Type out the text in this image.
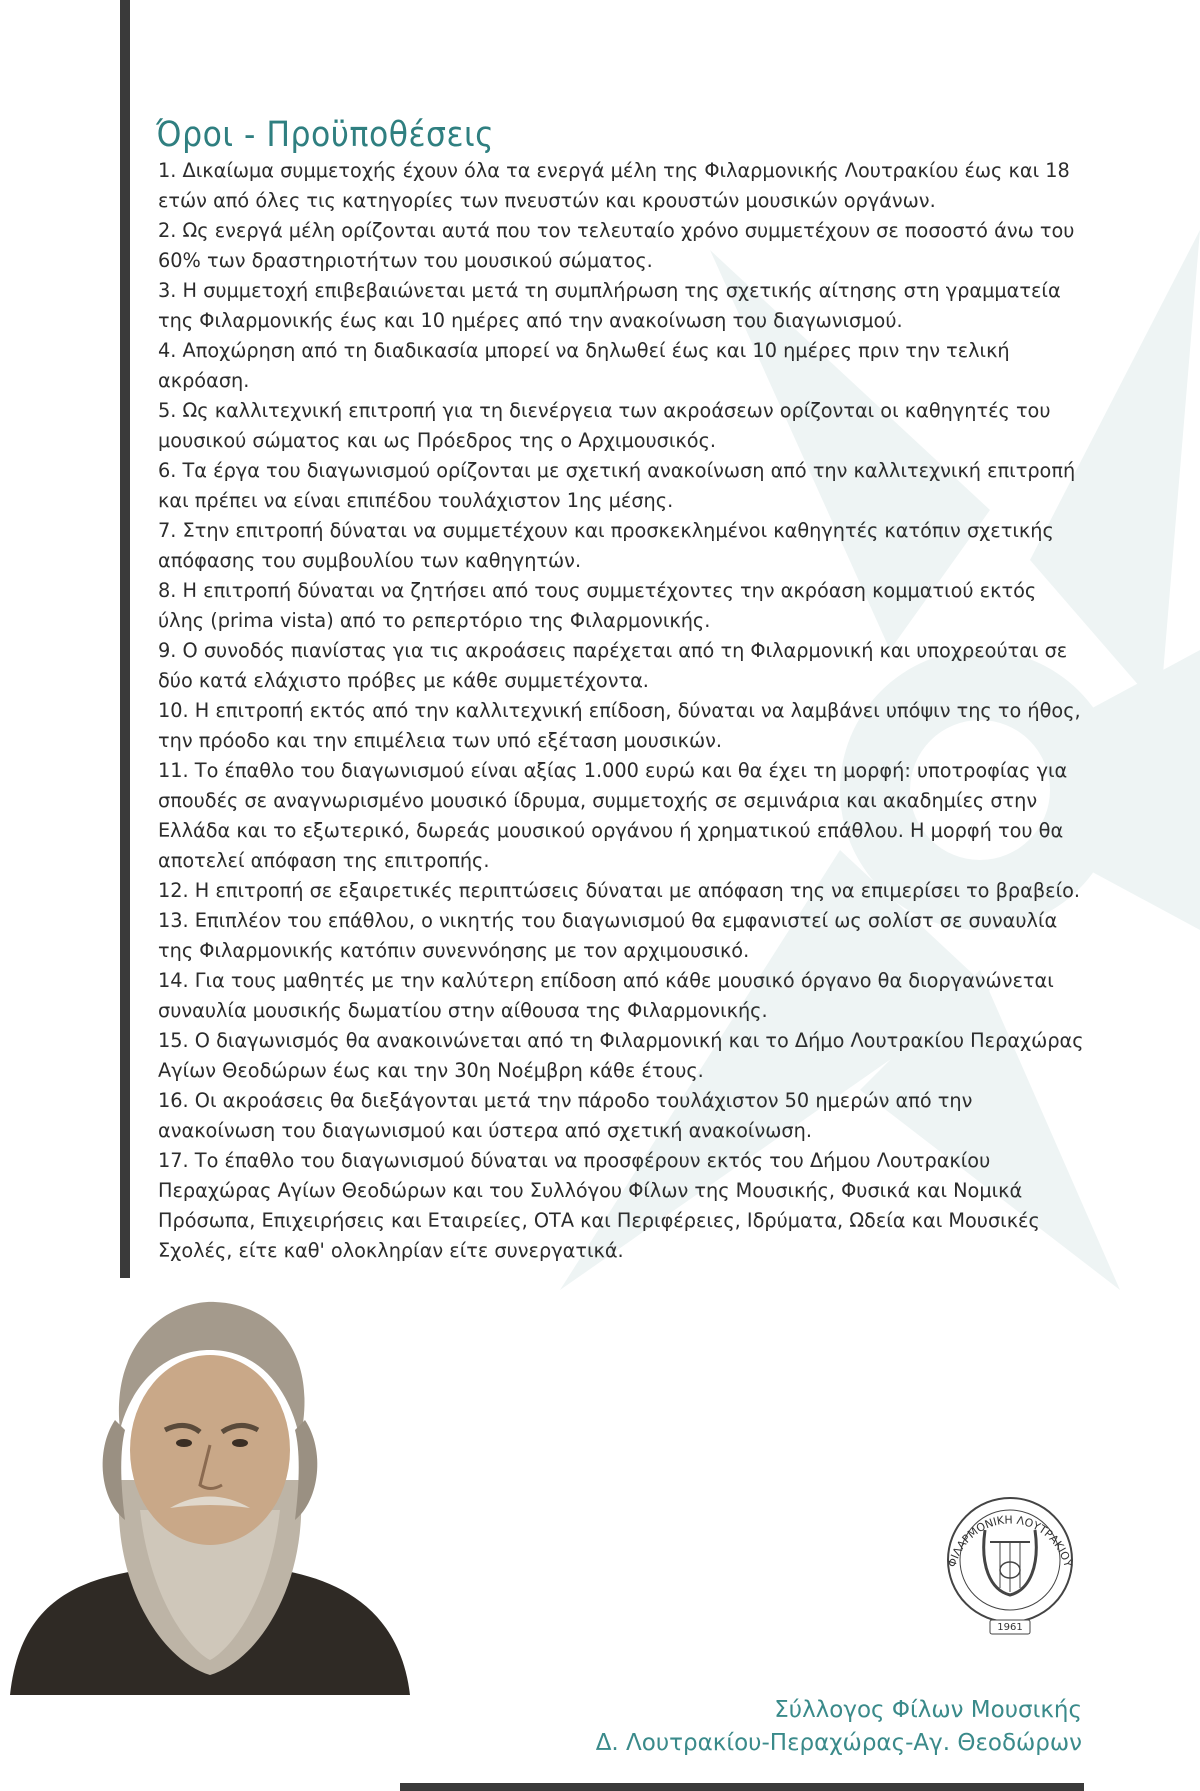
Όροι - Προϋποθέσεις

1. Δικαίωμα συμμετοχής έχουν όλα τα ενεργά μέλη της Φιλαρμονικής Λουτρακίου έως και 18 ετών από όλες τις κατηγορίες των πνευστών και κρουστών μουσικών οργάνων.

2. Ως ενεργά μέλη ορίζονται αυτά που τον τελευταίο χρόνο συμμετέχουν σε ποσοστό άνω του 60% των δραστηριοτήτων του μουσικού σώματος.

3. Η συμμετοχή επιβεβαιώνεται μετά τη συμπλήρωση της σχετικής αίτησης στη γραμματεία της Φιλαρμονικής έως και 10 ημέρες από την ανακοίνωση του διαγωνισμού.

4. Αποχώρηση από τη διαδικασία μπορεί να δηλωθεί έως και 10 ημέρες πριν την τελική ακρόαση.

5. Ως καλλιτεχνική επιτροπή για τη διενέργεια των ακροάσεων ορίζονται οι καθηγητές του μουσικού σώματος και ως Πρόεδρος της ο Αρχιμουσικός.

6. Τα έργα του διαγωνισμού ορίζονται με σχετική ανακοίνωση από την καλλιτεχνική επιτροπή και πρέπει να είναι επιπέδου τουλάχιστον 1ης μέσης.

7. Στην επιτροπή δύναται να συμμετέχουν και προσκεκλημένοι καθηγητές κατόπιν σχετικής απόφασης του συμβουλίου των καθηγητών.

8. Η επιτροπή δύναται να ζητήσει από τους συμμετέχοντες την ακρόαση κομματιού εκτός ύλης (prima vista) από το ρεπερτόριο της Φιλαρμονικής.

9. Ο συνοδός πιανίστας για τις ακροάσεις παρέχεται από τη Φιλαρμονική και υποχρεούται σε δύο κατά ελάχιστο πρόβες με κάθε συμμετέχοντα.

10. Η επιτροπή εκτός από την καλλιτεχνική επίδοση, δύναται να λαμβάνει υπόψιν της το ήθος, την πρόοδο και την επιμέλεια των υπό εξέταση μουσικών.

11. Το έπαθλο του διαγωνισμού είναι αξίας 1.000 ευρώ και θα έχει τη μορφή: υποτροφίας για σπουδές σε αναγνωρισμένο μουσικό ίδρυμα, συμμετοχής σε σεμινάρια και ακαδημίες στην Ελλάδα και το εξωτερικό, δωρεάς μουσικού οργάνου ή χρηματικού επάθλου. Η μορφή του θα αποτελεί απόφαση της επιτροπής.

12. Η επιτροπή σε εξαιρετικές περιπτώσεις δύναται με απόφαση της να επιμερίσει το βραβείο.

13. Επιπλέον του επάθλου, ο νικητής του διαγωνισμού θα εμφανιστεί ως σολίστ σε συναυλία της Φιλαρμονικής κατόπιν συνεννόησης με τον αρχιμουσικό.

14. Για τους μαθητές με την καλύτερη επίδοση από κάθε μουσικό όργανο θα διοργανώνεται συναυλία μουσικής δωματίου στην αίθουσα της Φιλαρμονικής.

15. Ο διαγωνισμός θα ανακοινώνεται από τη Φιλαρμονική και το Δήμο Λουτρακίου Περαχώρας Αγίων Θεοδώρων έως και την 30η Νοέμβρη κάθε έτους.

16. Οι ακροάσεις θα διεξάγονται μετά την πάροδο τουλάχιστον 50 ημερών από την ανακοίνωση του διαγωνισμού και ύστερα από σχετική ανακοίνωση.

17. Το έπαθλο του διαγωνισμού δύναται να προσφέρουν εκτός του Δήμου Λουτρακίου Περαχώρας Αγίων Θεοδώρων και του Συλλόγου Φίλων της Μουσικής, Φυσικά και Νομικά Πρόσωπα, Επιχειρήσεις και Εταιρείες, ΟΤΑ και Περιφέρειες, Ιδρύματα, Ωδεία και Μουσικές Σχολές, είτε καθ' ολοκληρίαν είτε συνεργατικά.

Σύλλογος Φίλων Μουσικής
Δ. Λουτρακίου-Περαχώρας-Αγ. Θεοδώρων
ΦΙΛΑΡΜΟΝΙΚΗ ΛΟΥΤΡΑΚΙΟΥ
1961
